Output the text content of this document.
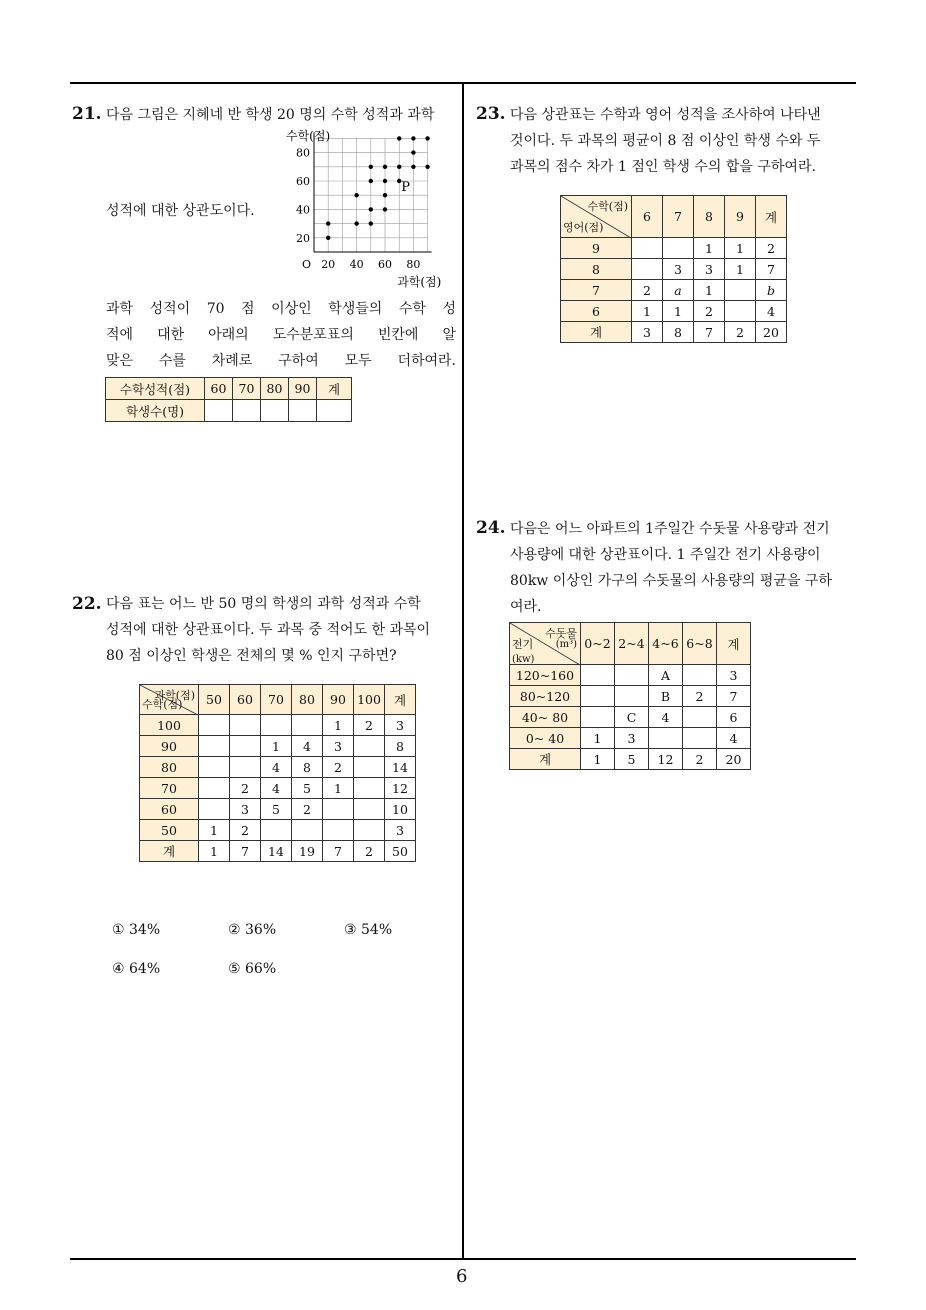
6
21. 다음 그림은 지혜네 반 학생 20 명의 수학 성적과 과학
성적에 대한 상관도이다.
수학(점)
과학(점)
O 20 40 60 80
20
40
60
80
P
과학 성적이 70 점 이상인 학생들의 수학 성
적에 대한 아래의 도수분포표의 빈칸에 알
맞은 수를 차례로 구하여 모두 더하여라.
수학성적(점)	60	70	80	90	계
학생수(명)					
22. 다음 표는 어느 반 50 명의 학생의 과학 성적과 수학
성적에 대한 상관표이다. 두 과목 중 적어도 한 과목이
80 점 이상인 학생은 전체의 몇 % 인지 구하면?
과학(점)
수학(점)	50	60	70	80	90	100	계
100					1	2	3
90			1	4	3		8
80			4	8	2		14
70		2	4	5	1		12
60		3	5	2			10
50	1	2					3
계	1	7	14	19	7	2	50
① 34%	② 36%	③ 54%
④ 64%	⑤ 66%
23. 다음 상관표는 수학과 영어 성적을 조사하여 나타낸
것이다. 두 과목의 평균이 8 점 이상인 학생 수와 두
과목의 점수 차가 1 점인 학생 수의 합을 구하여라.
수학(점)
영어(점)	6	7	8	9	계
9			1	1	2
8		3	3	1	7
7	2	a	1		b
6	1	1	2		4
계	3	8	7	2	20
24. 다음은 어느 아파트의 1주일간 수돗물 사용량과 전기
사용량에 대한 상관표이다. 1 주일간 전기 사용량이
80kw 이상인 가구의 수돗물의 사용량의 평균을 구하
여라.
수돗물
전기 (m³)
(kw)	0~2	2~4	4~6	6~8	계
120~160			A		3
80~120			B	2	7
40~ 80		C	4		6
0~ 40	1	3			4
계	1	5	12	2	20
